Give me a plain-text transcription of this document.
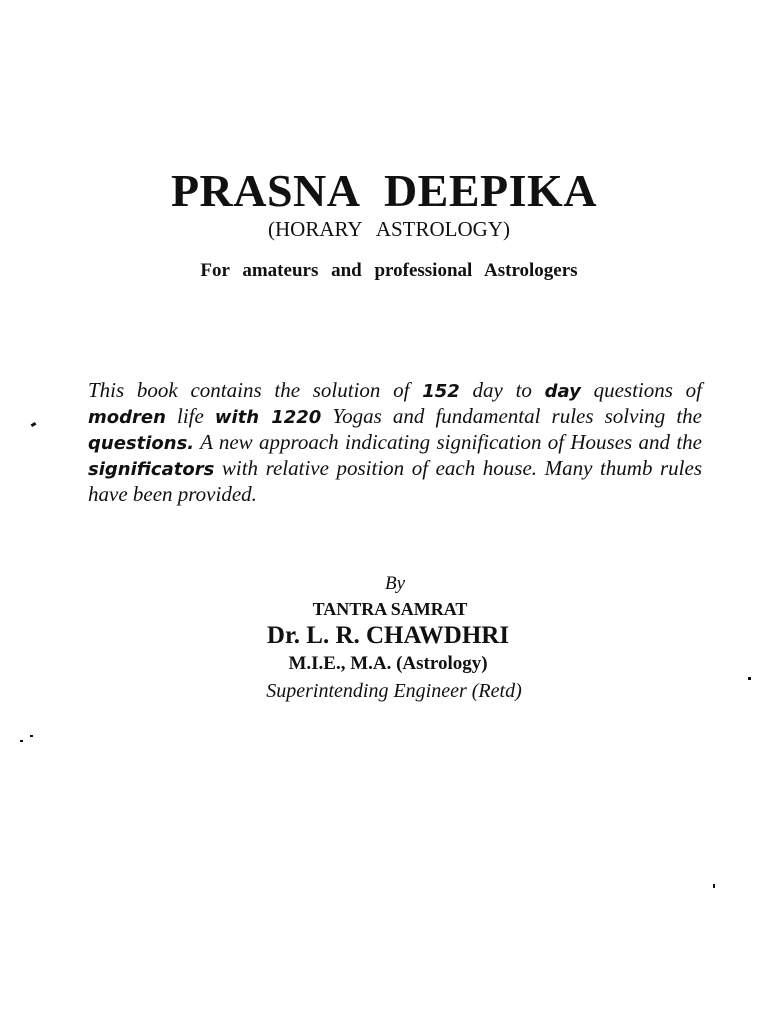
PRASNA DEEPIKA
(HORARY ASTROLOGY)
For amateurs and professional Astrologers
This book contains the solution of 152 day to day questions of modren life with 1220 Yogas and fundamental rules solving the questions. A new approach indicating signification of Houses and the significators with relative position of each house. Many thumb rules have been provided.
By
TANTRA SAMRAT
Dr. L. R. CHAWDHRI
M.I.E., M.A. (Astrology)
Superintending Engineer (Retd)
